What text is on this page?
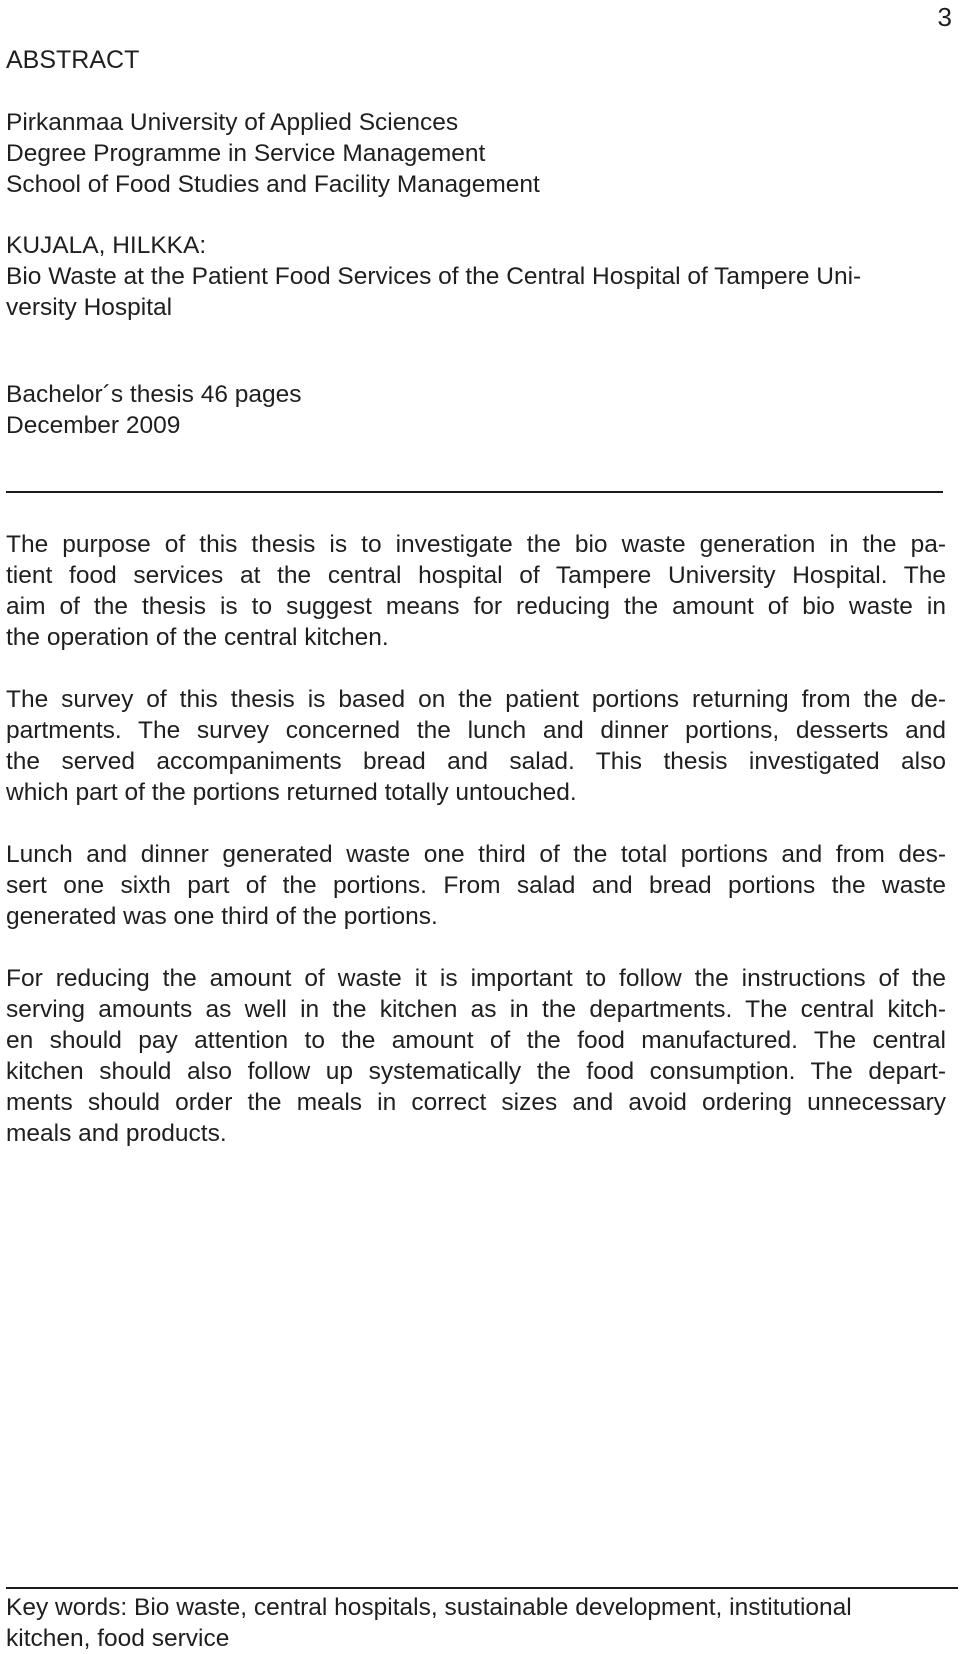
3
ABSTRACT
Pirkanmaa University of Applied Sciences
Degree Programme in Service Management
School of Food Studies and Facility Management
KUJALA, HILKKA:
Bio Waste at the Patient Food Services of the Central Hospital of Tampere Uni-
versity Hospital
Bachelor´s thesis 46 pages
December 2009
The purpose of this thesis is to investigate the bio waste generation in the pa-
tient food services at the central hospital of Tampere University Hospital. The
aim of the thesis is to suggest means for reducing the amount of bio waste in
the operation of the central kitchen.
The survey of this thesis is based on the patient portions returning from the de-
partments. The survey concerned the lunch and dinner portions, desserts and
the served accompaniments bread and salad. This thesis investigated also
which part of the portions returned totally untouched.
Lunch and dinner generated waste one third of the total portions and from des-
sert one sixth part of the portions. From salad and bread portions the waste
generated was one third of the portions.
For reducing the amount of waste it is important to follow the instructions of the
serving amounts as well in the kitchen as in the departments. The central kitch-
en should pay attention to the amount of the food manufactured. The central
kitchen should also follow up systematically the food consumption. The depart-
ments should order the meals in correct sizes and avoid ordering unnecessary
meals and products.
Key words: Bio waste, central hospitals, sustainable development, institutional
kitchen, food service
